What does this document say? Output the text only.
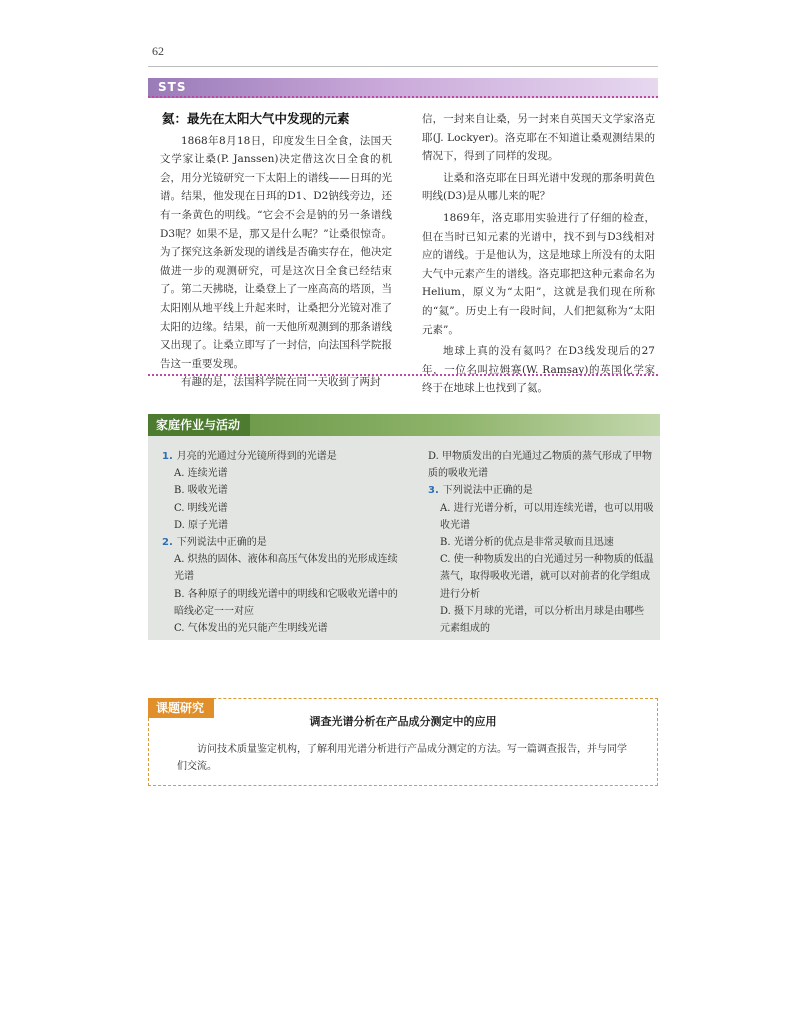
62
STS
氦：最先在太阳大气中发现的元素

1868年8月18日，印度发生日全食，法国天文学家让桑(P. Janssen)决定借这次日全食的机会，用分光镜研究一下太阳上的谱线——日珥的光谱。结果，他发现在日珥的D1、D2钠线旁边，还有一条黄色的明线。“它会不会是钠的另一条谱线D3呢？如果不是，那又是什么呢？”让桑很惊奇。为了探究这条新发现的谱线是否确实存在，他决定做进一步的观测研究，可是这次日全食已经结束了。第二天拂晓，让桑登上了一座高高的塔顶，当太阳刚从地平线上升起来时，让桑把分光镜对准了太阳的边缘。结果，前一天他所观测到的那条谱线又出现了。让桑立即写了一封信，向法国科学院报告这一重要发现。

有趣的是，法国科学院在同一天收到了两封

信，一封来自让桑，另一封来自英国天文学家洛克耶(J. Lockyer)。洛克耶在不知道让桑观测结果的情况下，得到了同样的发现。

让桑和洛克耶在日珥光谱中发现的那条明黄色明线(D3)是从哪儿来的呢？

1869年，洛克耶用实验进行了仔细的检查，但在当时已知元素的光谱中，找不到与D3线相对应的谱线。于是他认为，这是地球上所没有的太阳大气中元素产生的谱线。洛克耶把这种元素命名为Helium，原义为“太阳”，这就是我们现在所称的“氦”。历史上有一段时间，人们把氦称为“太阳元素”。

地球上真的没有氦吗？在D3线发现后的27年，一位名叫拉姆赛(W. Ramsay)的英国化学家终于在地球上也找到了氦。

家庭作业与活动

1. 月亮的光通过分光镜所得到的光谱是

A. 连续光谱

B. 吸收光谱

C. 明线光谱

D. 原子光谱

2. 下列说法中正确的是

A. 炽热的固体、液体和高压气体发出的光形成连续光谱

B. 各种原子的明线光谱中的明线和它吸收光谱中的暗线必定一一对应

C. 气体发出的光只能产生明线光谱

D. 甲物质发出的白光通过乙物质的蒸气形成了甲物质的吸收光谱

3. 下列说法中正确的是

A. 进行光谱分析，可以用连续光谱，也可以用吸收光谱

B. 光谱分析的优点是非常灵敏而且迅速

C. 使一种物质发出的白光通过另一种物质的低温蒸气，取得吸收光谱，就可以对前者的化学组成进行分析

D. 摄下月球的光谱，可以分析出月球是由哪些元素组成的

课题研究
调查光谱分析在产品成分测定中的应用

访问技术质量鉴定机构，了解利用光谱分析进行产品成分测定的方法。写一篇调查报告，并与同学们交流。
